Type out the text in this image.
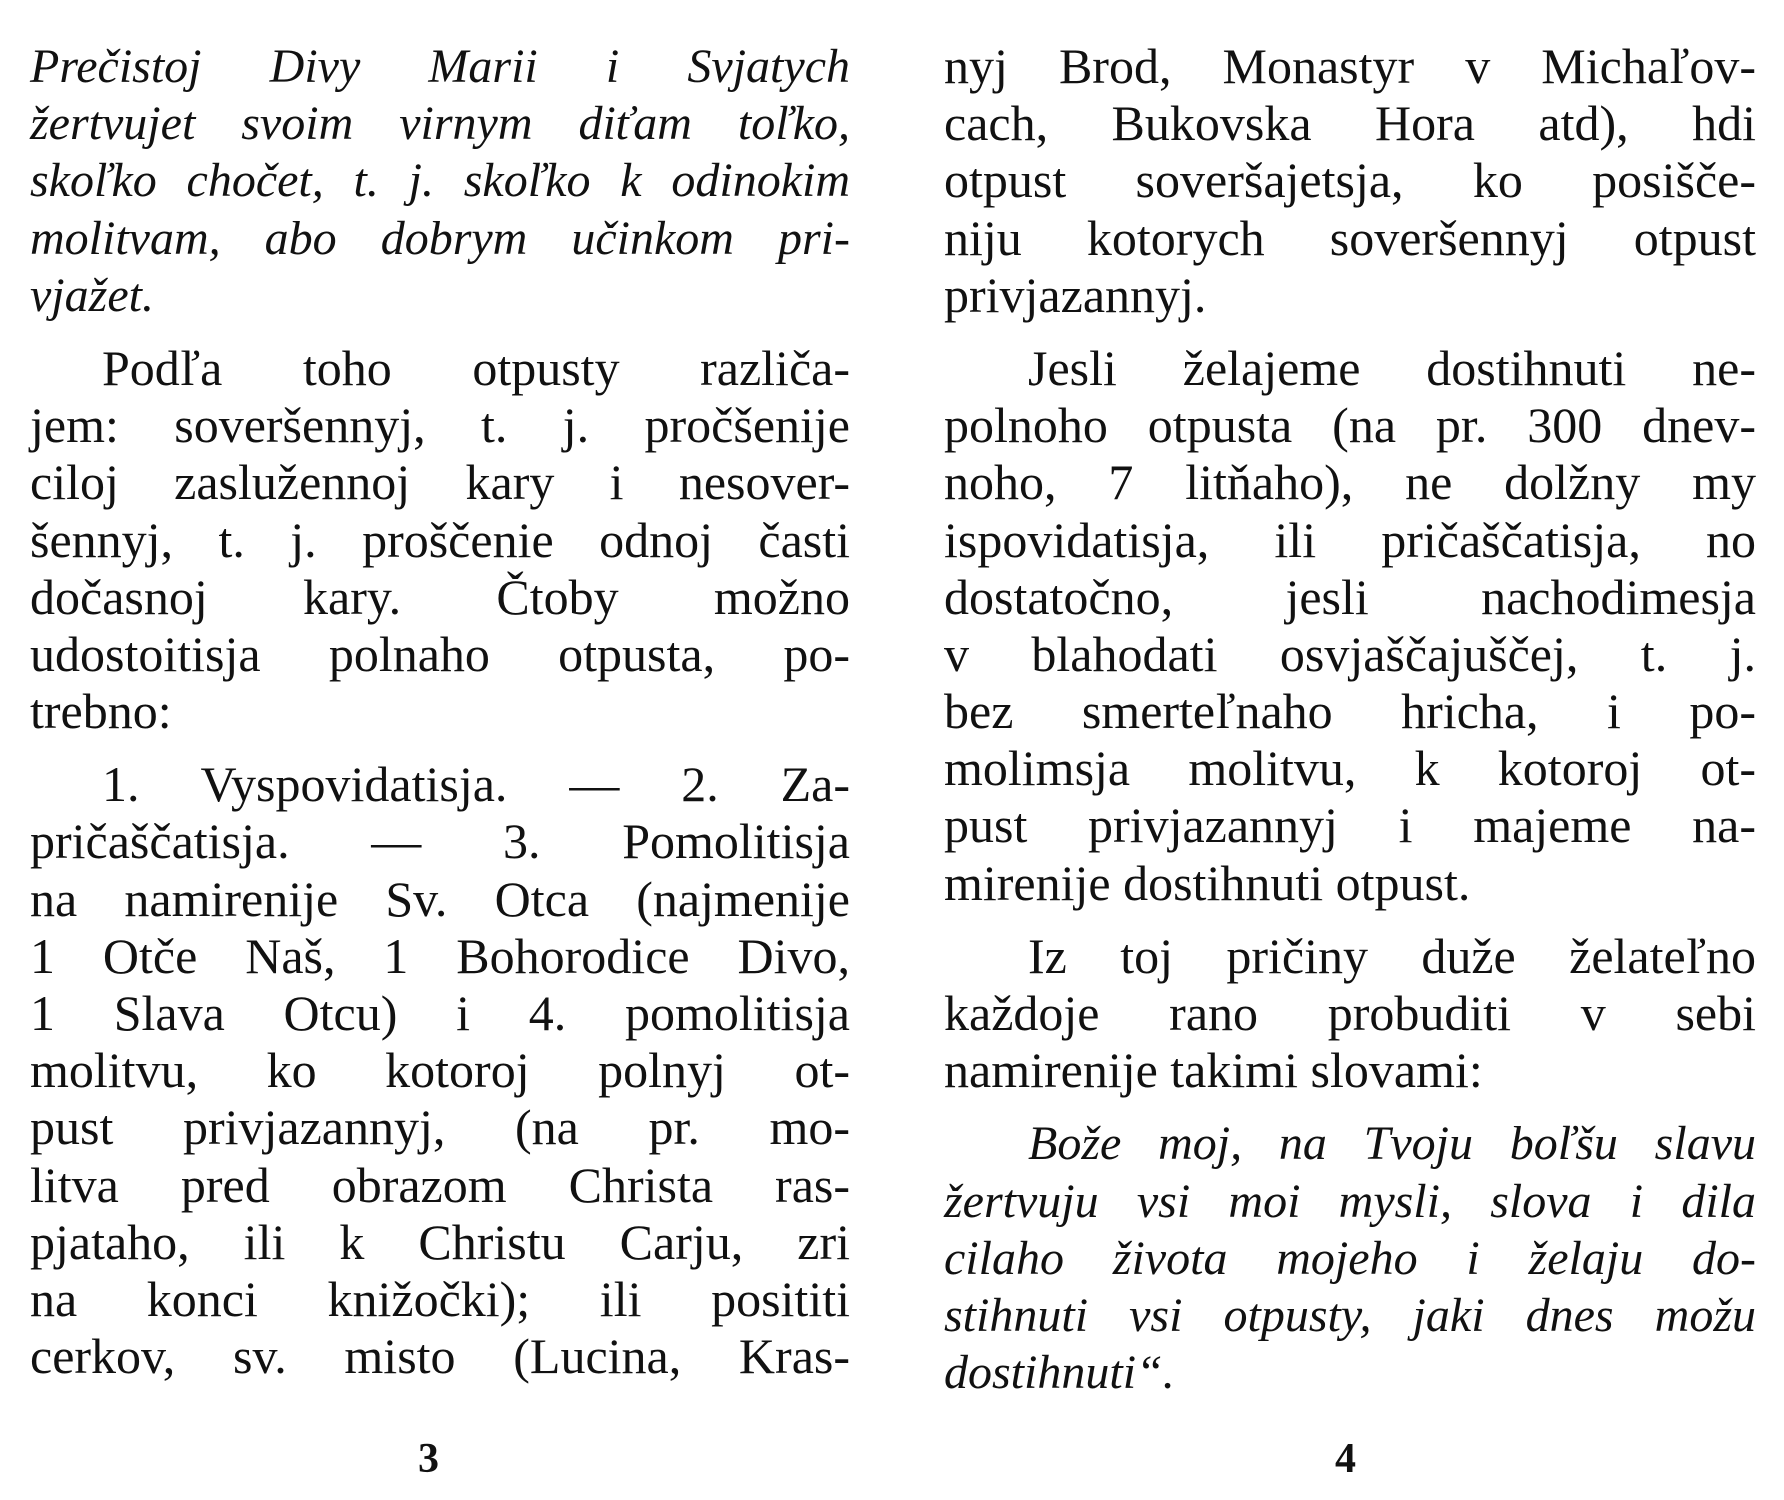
Prečistoj Divy Marii i Svjatych
žertvujet svoim virnym diťam toľko,
skoľko chočet, t. j. skoľko k odinokim
molitvam, abo dobrym učinkom pri-
vjažet.
Podľa toho otpusty različa-
jem: soveršennyj, t. j. pročšenije
ciloj zaslužennoj kary i nesover-
šennyj, t. j. proščenie odnoj časti
dočasnoj kary. Čtoby možno
udostoitisja polnaho otpusta, po-
trebno:
1. Vyspovidatisja. — 2. Za-
pričaščatisja. — 3. Pomolitisja
na namirenije Sv. Otca (najmenije
1 Otče Naš, 1 Bohorodice Divo,
1 Slava Otcu) i 4. pomolitisja
molitvu, ko kotoroj polnyj ot-
pust privjazannyj, (na pr. mo-
litva pred obrazom Christa ras-
pjataho, ili k Christu Carju, zri
na konci knižočki); ili posititi
cerkov, sv. misto (Lucina, Kras-
3
nyj Brod, Monastyr v Michaľov-
cach, Bukovska Hora atd), hdi
otpust soveršajetsja, ko posišče-
niju kotorych soveršennyj otpust
privjazannyj.
Jesli želajeme dostihnuti ne-
polnoho otpusta (na pr. 300 dnev-
noho, 7 litňaho), ne dolžny my
ispovidatisja, ili pričaščatisja, no
dostatočno, jesli nachodimesja
v blahodati osvjaščajuščej, t. j.
bez smerteľnaho hricha, i po-
molimsja molitvu, k kotoroj ot-
pust privjazannyj i majeme na-
mirenije dostihnuti otpust.
Iz toj pričiny duže želateľno
každoje rano probuditi v sebi
namirenije takimi slovami:
Bože moj, na Tvoju boľšu slavu
žertvuju vsi moi mysli, slova i dila
cilaho života mojeho i želaju do-
stihnuti vsi otpusty, jaki dnes možu
dostihnuti“.
4
